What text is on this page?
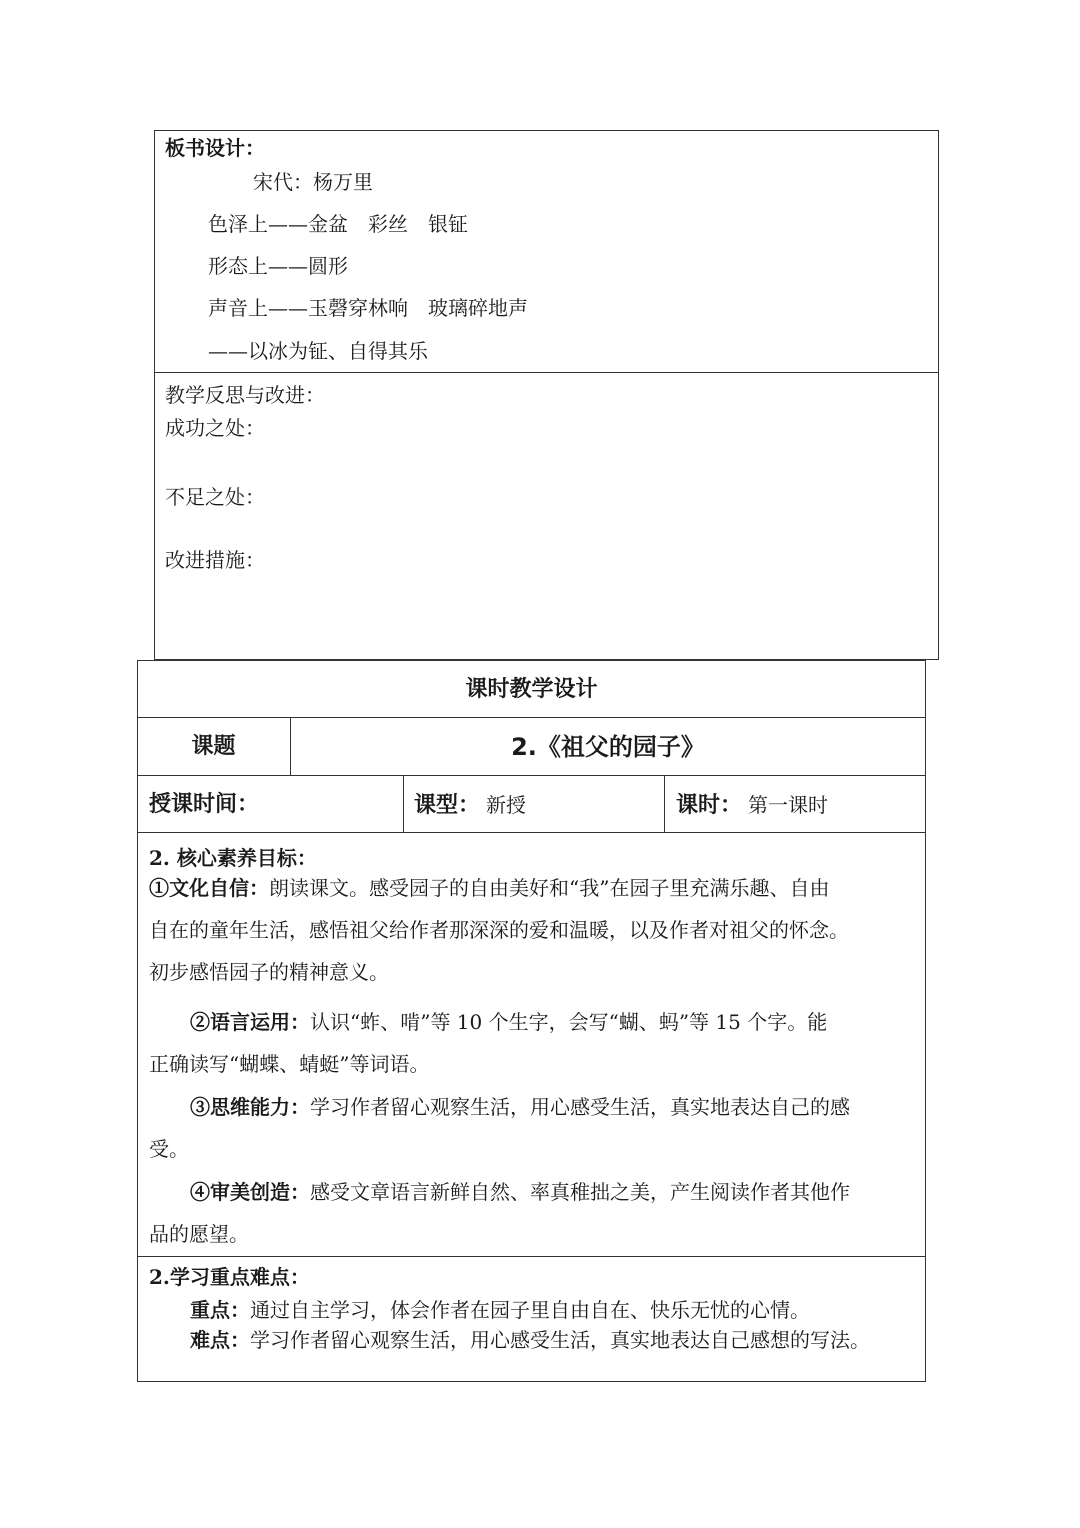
板书设计：
宋代：杨万里
色泽上——金盆　彩丝　银钲
形态上——圆形
声音上——玉磬穿林响　玻璃碎地声
——以冰为钲、自得其乐
教学反思与改进：
成功之处：
不足之处：
改进措施：
课时教学设计
课题	2.《祖父的园子》
授课时间：	课型： 新授	课时： 第一课时
2. 核心素养目标：
①文化自信：朗读课文。感受园子的自由美好和“我”在园子里充满乐趣、自由
自在的童年生活，感悟祖父给作者那深深的爱和温暖，以及作者对祖父的怀念。
初步感悟园子的精神意义。
②语言运用：认识“蚱、啃”等 10 个生字，会写“蝴、蚂”等 15 个字。能
正确读写“蝴蝶、蜻蜓”等词语。
③思维能力：学习作者留心观察生活，用心感受生活，真实地表达自己的感
受。
④审美创造：感受文章语言新鲜自然、率真稚拙之美，产生阅读作者其他作
品的愿望。
2.学习重点难点：
重点：通过自主学习，体会作者在园子里自由自在、快乐无忧的心情。
难点：学习作者留心观察生活，用心感受生活，真实地表达自己感想的写法。
